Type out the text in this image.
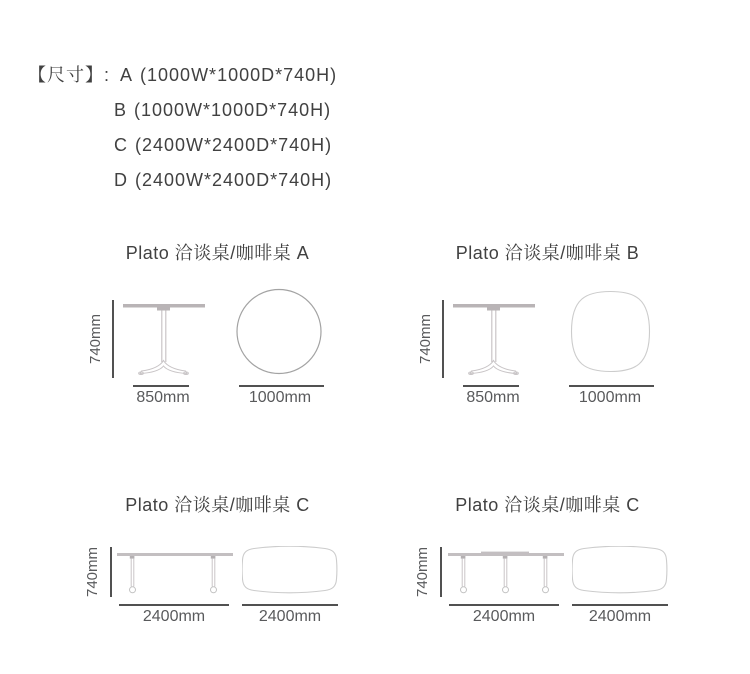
【尺寸】: A (1000W*1000D*740H)
B (1000W*1000D*740H)
C (2400W*2400D*740H)
D (2400W*2400D*740H)
Plato 洽谈桌/咖啡桌 A
740mm
850mm	1000mm
Plato 洽谈桌/咖啡桌 B
740mm
850mm	1000mm
Plato 洽谈桌/咖啡桌 C
740mm
2400mm	2400mm
Plato 洽谈桌/咖啡桌 C
740mm
2400mm	2400mm
